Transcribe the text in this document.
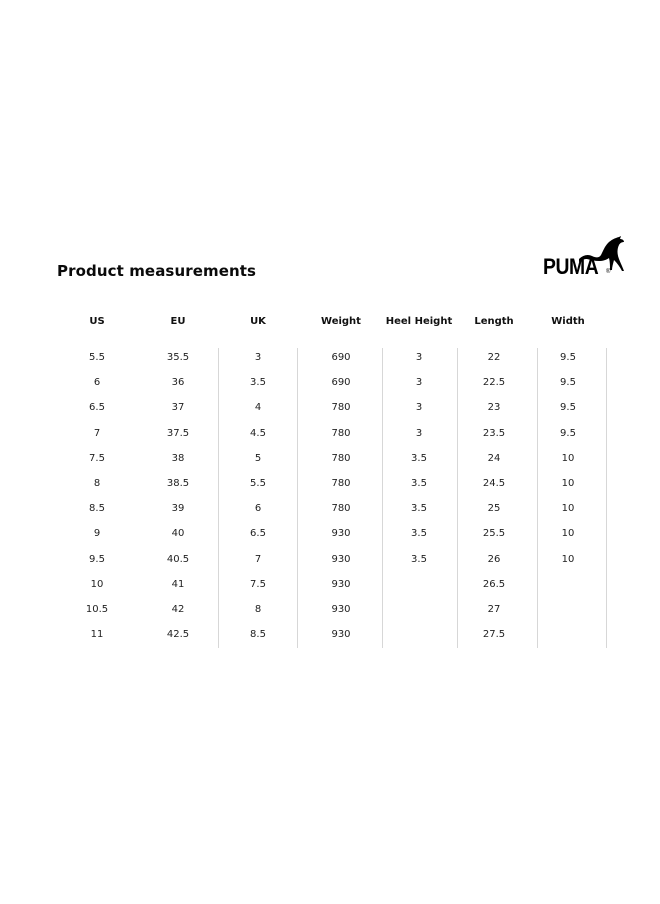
Product measurements	PUMA ®
US
5.5
6
6.5
7
7.5
8
8.5
9
9.5
10
10.5
11
EU
35.5
36
37
37.5
38
38.5
39
40
40.5
41
42
42.5
UK
3
3.5
4
4.5
5
5.5
6
6.5
7
7.5
8
8.5
Weight
690
690
780
780
780
780
780
930
930
930
930
930
Heel Height
3
3
3
3
3.5
3.5
3.5
3.5
3.5
Length
22
22.5
23
23.5
24
24.5
25
25.5
26
26.5
27
27.5
Width
9.5
9.5
9.5
9.5
10
10
10
10
10
